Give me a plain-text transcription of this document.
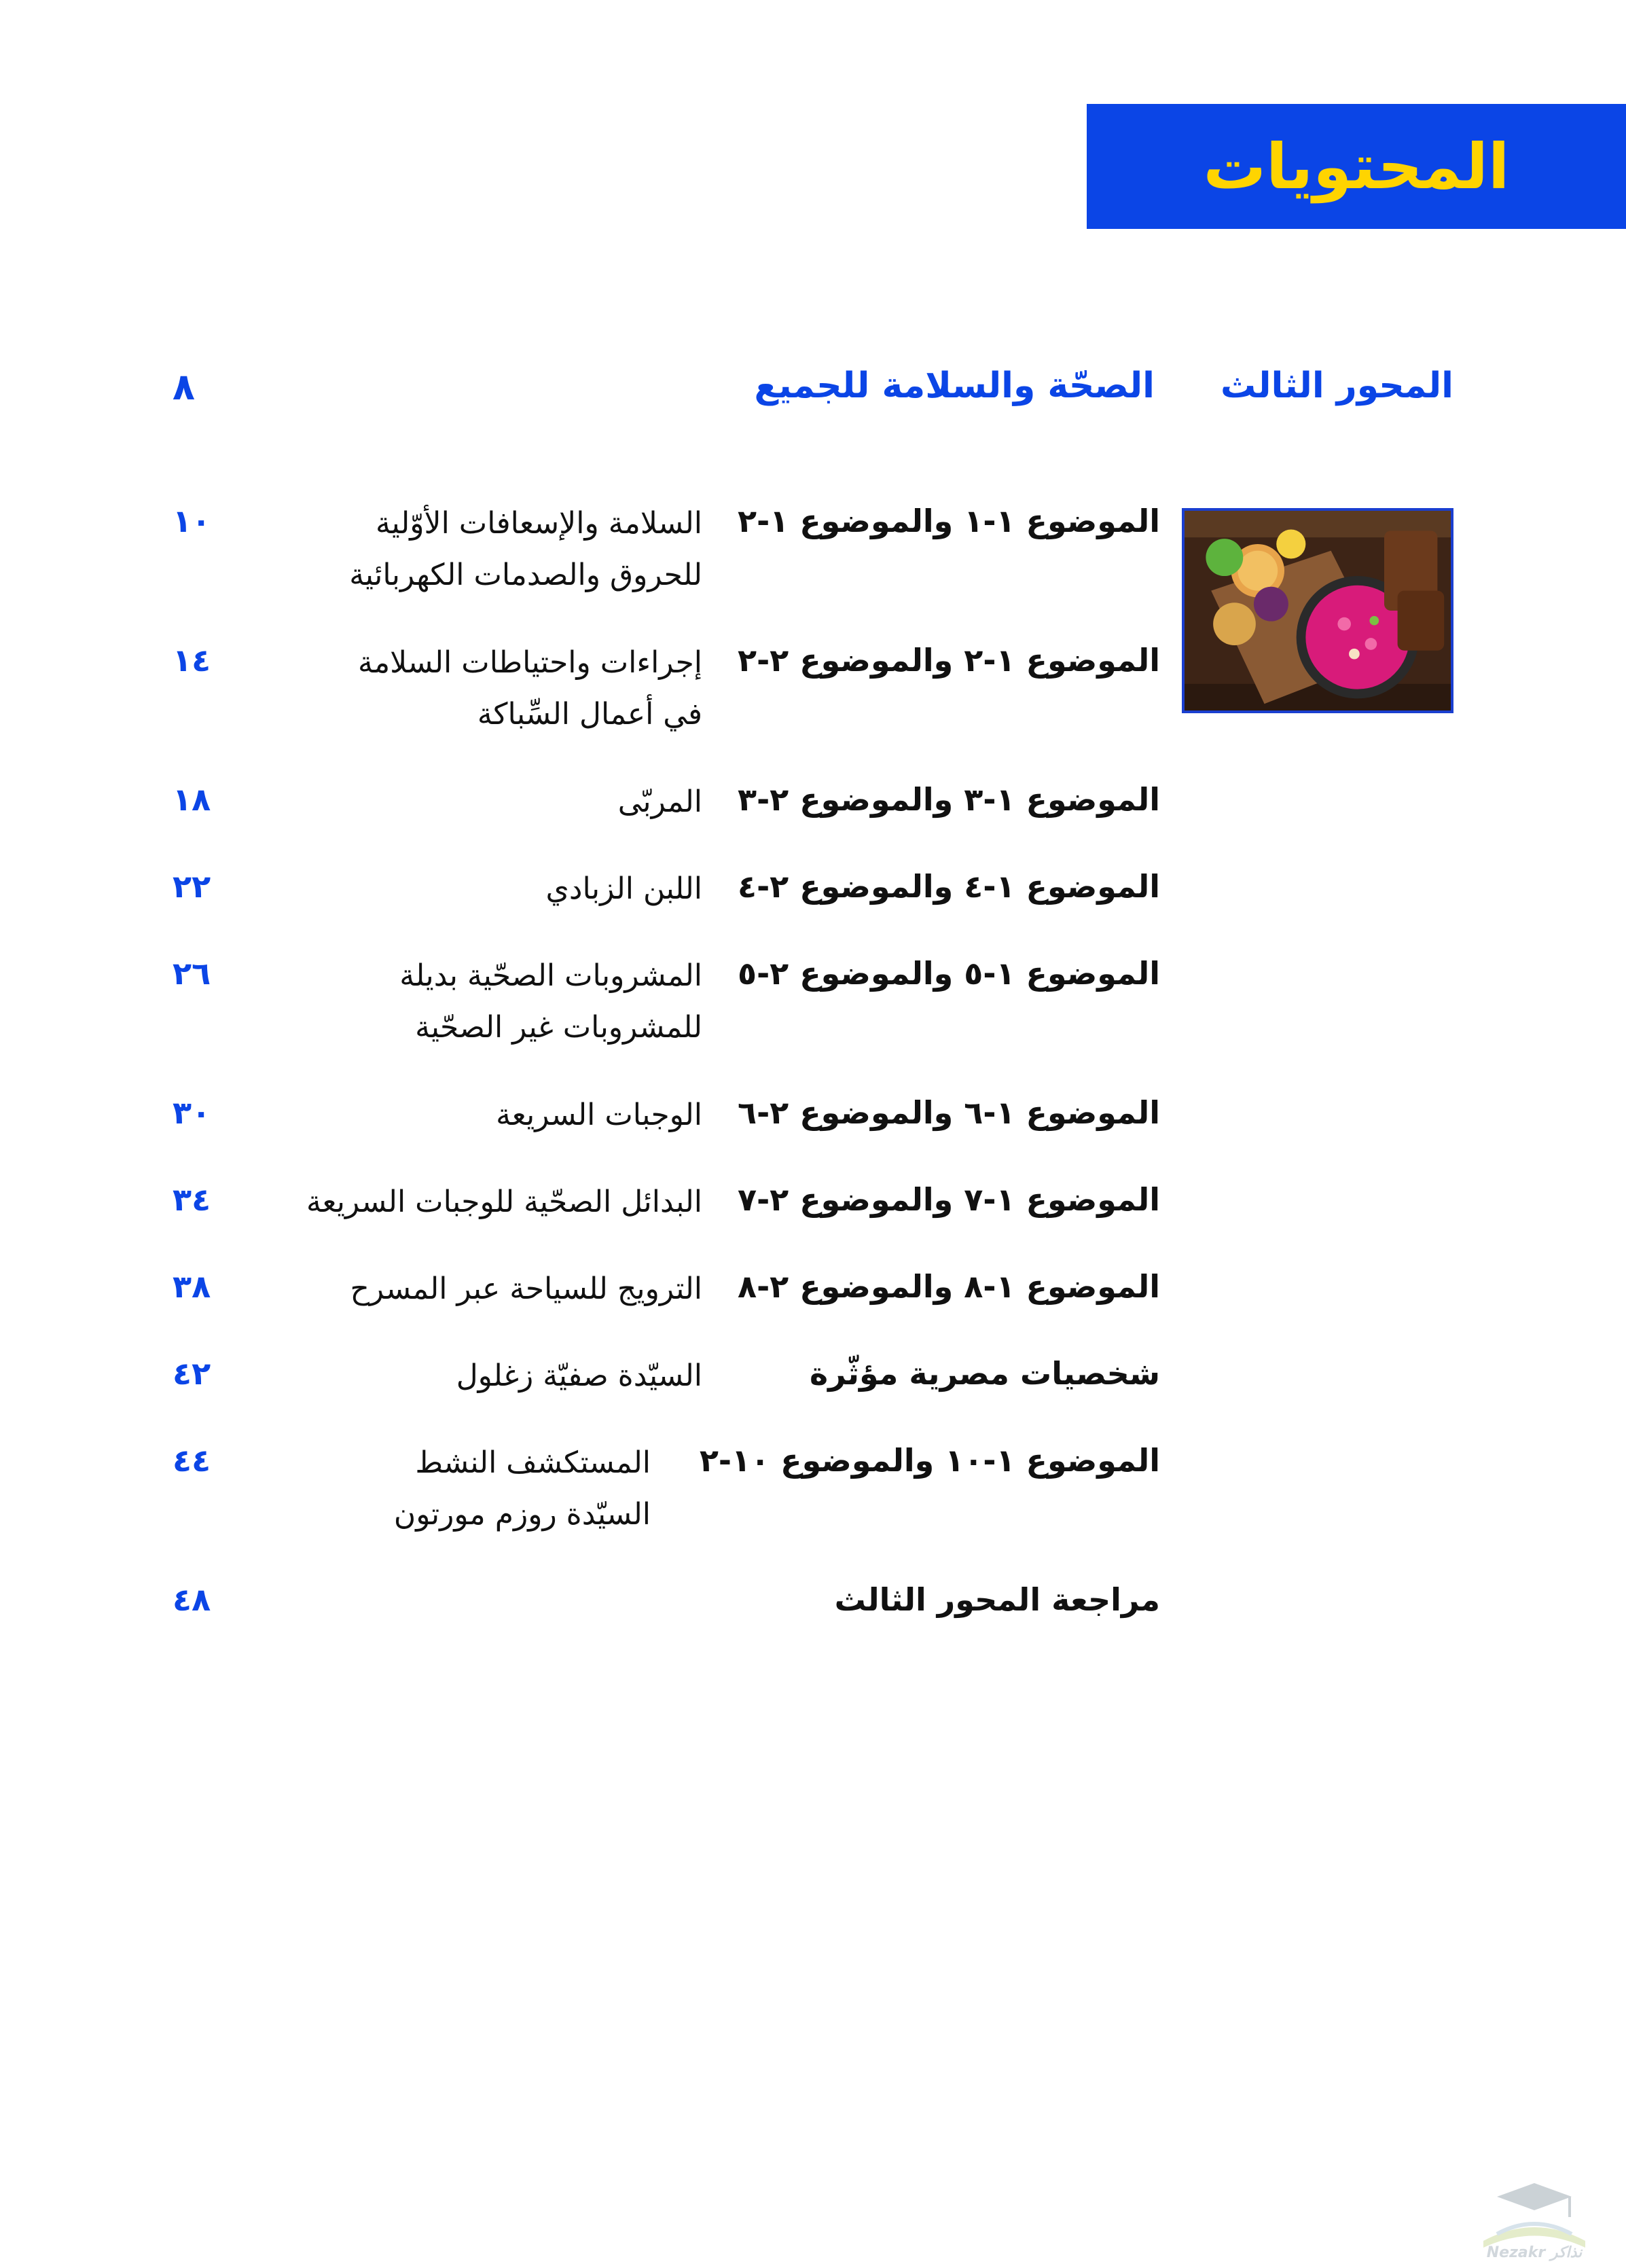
المحتويات
المحور الثالث
الصحّة والسلامة للجميع
٨
الموضوع ١-١ والموضوع ١-٢
السلامة والإسعافات الأوّلية
للحروق والصدمات الكهربائية
١٠
الموضوع ١-٢ والموضوع ٢-٢
إجراءات واحتياطات السلامة
في أعمال السِّباكة
١٤
الموضوع ١-٣ والموضوع ٢-٣
المربّى
١٨
الموضوع ١-٤ والموضوع ٢-٤
اللبن الزبادي
٢٢
الموضوع ١-٥ والموضوع ٢-٥
المشروبات الصحّية بديلة
للمشروبات غير الصحّية
٢٦
الموضوع ١-٦ والموضوع ٢-٦
الوجبات السريعة
٣٠
الموضوع ١-٧ والموضوع ٢-٧
البدائل الصحّية للوجبات السريعة
٣٤
الموضوع ١-٨ والموضوع ٢-٨
الترويج للسياحة عبر المسرح
٣٨
شخصيات مصرية مؤثّرة
السيّدة صفيّة زغلول
٤٢
الموضوع ١-١٠ والموضوع ١٠-٢
المستكشف النشط
السيّدة روزم مورتون
٤٤
مراجعة المحور الثالث
٤٨
Nezakr نذاكر
